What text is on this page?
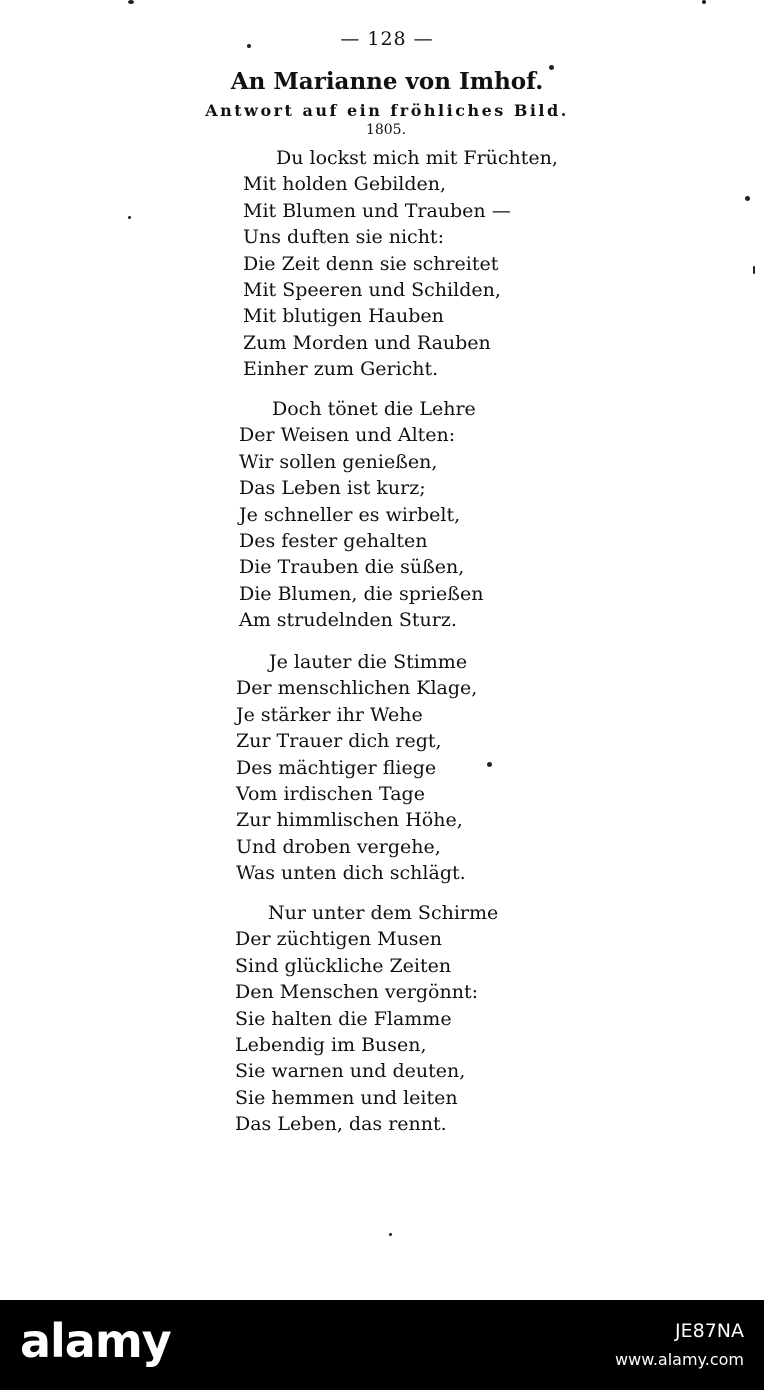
— 128 —
An Marianne von Imhof.
Antwort auf ein fröhliches Bild.
1805.
Du lockst mich mit Früchten,
Mit holden Gebilden,
Mit Blumen und Trauben —
Uns duften sie nicht:
Die Zeit denn sie schreitet
Mit Speeren und Schilden,
Mit blutigen Hauben
Zum Morden und Rauben
Einher zum Gericht.
Doch tönet die Lehre
Der Weisen und Alten:
Wir sollen genießen,
Das Leben ist kurz;
Je schneller es wirbelt,
Des fester gehalten
Die Trauben die süßen,
Die Blumen, die sprießen
Am strudelnden Sturz.
Je lauter die Stimme
Der menschlichen Klage,
Je stärker ihr Wehe
Zur Trauer dich regt,
Des mächtiger fliege
Vom irdischen Tage
Zur himmlischen Höhe,
Und droben vergehe,
Was unten dich schlägt.
Nur unter dem Schirme
Der züchtigen Musen
Sind glückliche Zeiten
Den Menschen vergönnt:
Sie halten die Flamme
Lebendig im Busen,
Sie warnen und deuten,
Sie hemmen und leiten
Das Leben, das rennt.
alamy	JE87NA
www.alamy.com
